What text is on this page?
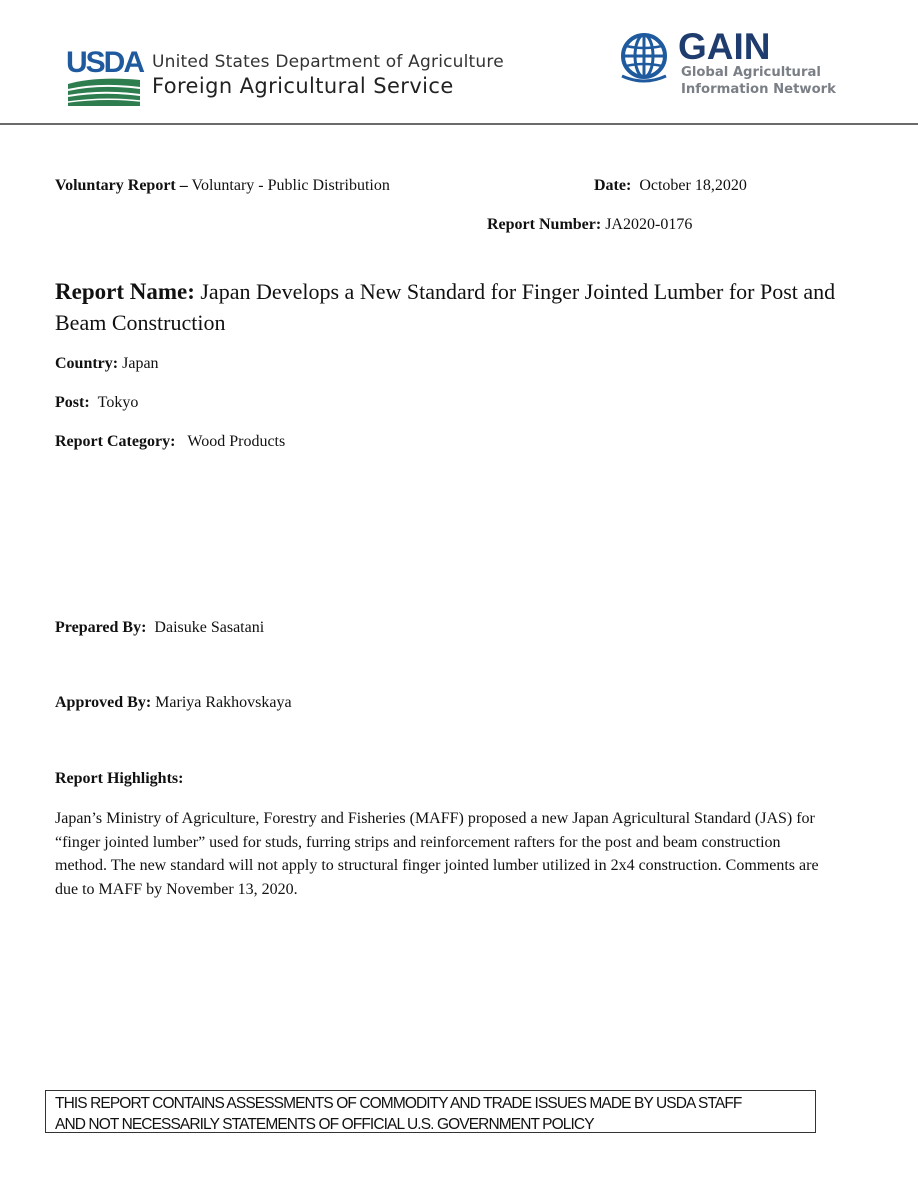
USDA United States Department of Agriculture
Foreign Agricultural Service
GAIN
Global Agricultural
Information Network
Voluntary Report – Voluntary - Public Distribution	Date: October 18,2020
Report Number: JA2020-0176
Report Name: Japan Develops a New Standard for Finger Jointed Lumber for Post and Beam Construction
Country: Japan
Post: Tokyo
Report Category: Wood Products
Prepared By: Daisuke Sasatani
Approved By: Mariya Rakhovskaya
Report Highlights:
Japan’s Ministry of Agriculture, Forestry and Fisheries (MAFF) proposed a new Japan Agricultural Standard (JAS) for “finger jointed lumber” used for studs, furring strips and reinforcement rafters for the post and beam construction method. The new standard will not apply to structural finger jointed lumber utilized in 2x4 construction. Comments are due to MAFF by November 13, 2020.
THIS REPORT CONTAINS ASSESSMENTS OF COMMODITY AND TRADE ISSUES MADE BY USDA STAFF
AND NOT NECESSARILY STATEMENTS OF OFFICIAL U.S. GOVERNMENT POLICY
